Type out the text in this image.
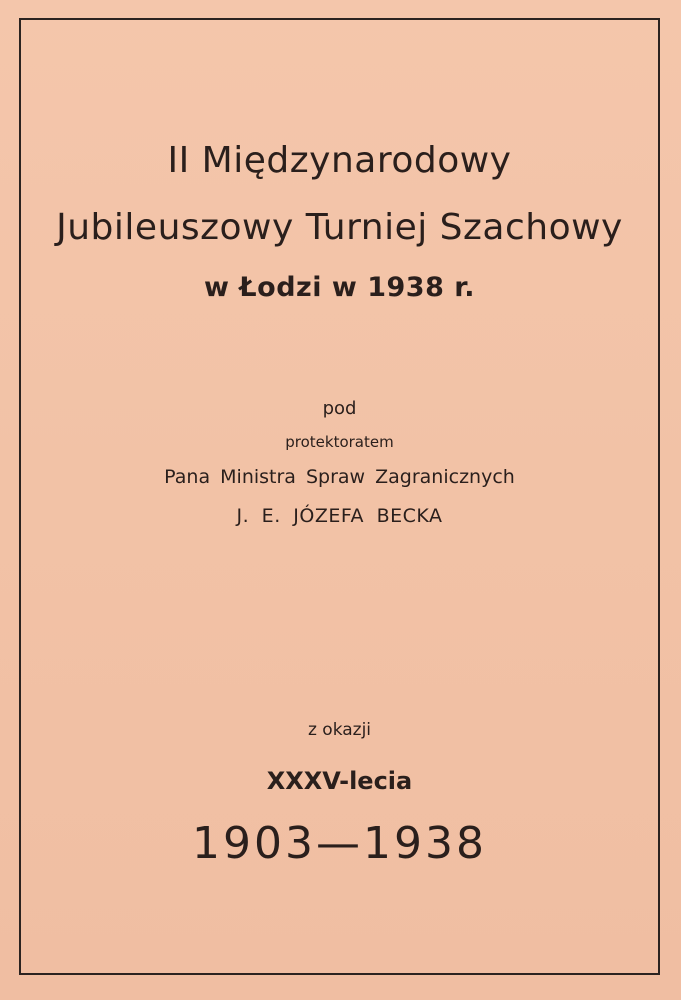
II Międzynarodowy
Jubileuszowy Turniej Szachowy
w Łodzi w 1938 r.
pod
protektoratem
Pana Ministra Spraw Zagranicznych
J. E. JÓZEFA BECKA
z okazji
XXXV-lecia
1903—1938
